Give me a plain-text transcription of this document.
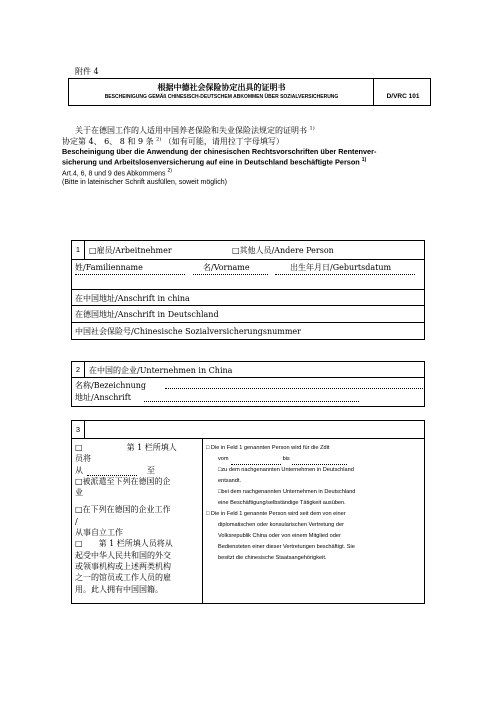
附件 4
根据中德社会保险协定出具的证明书
BESCHEINIGUNG GEMÄß CHINESISCH-DEUTSCHEM ABKOMMEN ÜBER SOZIALVERSICHERUNG	D/VRC 101
关于在德国工作的人适用中国养老保险和失业保险法规定的证明书 $^{1)}$
协定第 4、 6、 8 和 9 条 $^{2)}$ （如有可能，请用拉丁字母填写）
Bescheinigung über die Anwendung der chinesischen Rechtsvorschriften über Rentenver-
sicherung und Arbeitslosenversicherung auf eine in Deutschland beschäftigte Person $^{1)}$
Art.4, 6, 8 und 9 des Abkommens $^{2)}$
(Bitte in lateinischer Schrift ausfüllen, soweit möglich)
1	□雇员/Arbeitnehmer	□其他人员/Andere Person
姓/Familienname	名/Vorname	出生年月日/Geburtsdatum
在中国地址/Anschrift in china
在德国地址/Anschrift in Deutschland
中国社会保险号/Chinesische Sozialversicherungsnummer
2	在中国的企业/Unternehmen in China
名称/Bezeichnung
地址/Anschrift
3
□	第 1 栏所填人
员将
从	至
□被派遣至下列在德国的企
业
□在下列在德国的企业工作
/
从事自立工作
□ 第 1 栏所填人员将从
起受中华人民共和国的外交
或领事机构或上述两类机构
之一的馆员或工作人员的雇
用。此人拥有中国国籍。
□ Die in Feld 1 genannten Person wird für die Zdit
vom	bis
□zu dem nachgenannten Unternehmen in Deutschland
entsandt.
□bei dem nachgenannten Unternehmen in Deutschland
eine Beschäftigung/selbständige Tätigkeit ausüben.
□ Die in Feld 1 genannte Person wird seit dem von einer
diplomatischen oder konsularischen Vertretung der
Volksrepublik China oder von einem Mitglied oder
Bediensteten einer dieser Vertretungen beschäftigt. Sie
besitzt die chinesische Staatsangehörigkeit.
